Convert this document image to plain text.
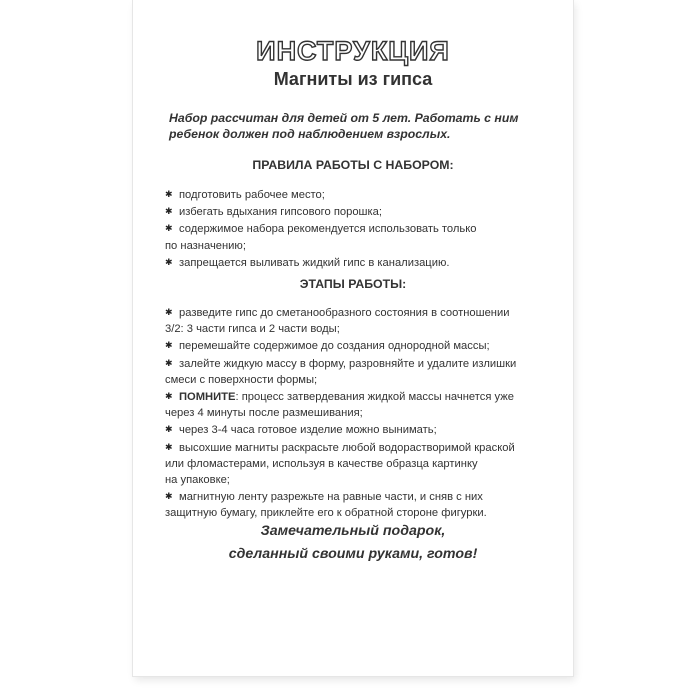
ИНСТРУКЦИЯ
Магниты из гипса
Набор рассчитан для детей от 5 лет. Работать с ним
ребенок должен под наблюдением взрослых.
ПРАВИЛА РАБОТЫ С НАБОРОМ:
✱ подготовить рабочее место;
✱ избегать вдыхания гипсового порошка;
✱ содержимое набора рекомендуется использовать только
по назначению;
✱ запрещается выливать жидкий гипс в канализацию.
ЭТАПЫ РАБОТЫ:
✱ разведите гипс до сметанообразного состояния в соотношении
3/2: 3 части гипса и 2 части воды;
✱ перемешайте содержимое до создания однородной массы;
✱ залейте жидкую массу в форму, разровняйте и удалите излишки
смеси с поверхности формы;
✱ ПОМНИТЕ: процесс затвердевания жидкой массы начнется уже
через 4 минуты после размешивания;
✱ через 3-4 часа готовое изделие можно вынимать;
✱ высохшие магниты раскрасьте любой водорастворимой краской
или фломастерами, используя в качестве образца картинку
на упаковке;
✱ магнитную ленту разрежьте на равные части, и сняв с них
защитную бумагу, приклейте его к обратной стороне фигурки.
Замечательный подарок,
сделанный своими руками, готов!
